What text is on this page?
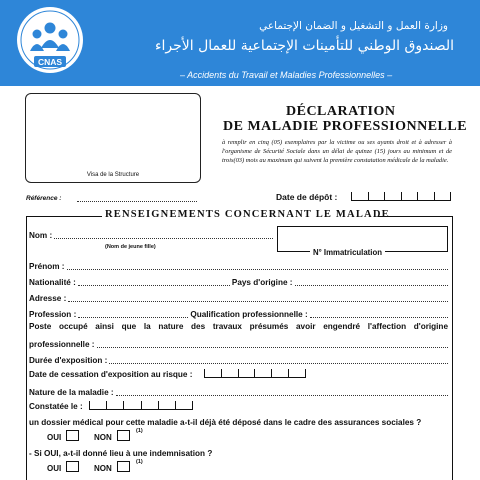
CNAS
وزارة العمل و التشغيل و الضمان الإجتماعي
الصندوق الوطني للتأمينات الإجتماعية للعمال الأجراء
– Accidents du Travail et Maladies Professionnelles –
Visa de la Structure
DÉCLARATION
DE MALADIE PROFESSIONNELLE
à remplir en cinq (05) exemplaires par la victime ou ses ayants droit et à adresser à l'organisme de Sécurité Sociale dans un délai de quinze (15) jours au minimum et de trois(03) mois au maximum qui suivent la première constatation médicale de la maladie.
Référence :	Date de dépôt :
RENSEIGNEMENTS CONCERNANT LE MALADE
Nom :
(Nom de jeune fille)
N° Immatriculation
Prénom :
Nationalité :	Pays d'origine :
Adresse :
Profession :	Qualification professionnelle :
Poste occupé ainsi que la nature des travaux présumés avoir engendré l'affection d'origine
professionnelle :
Durée d'exposition :
Date de cessation d'exposition au risque :
Nature de la maladie :
Constatée le :
un dossier médical pour cette maladie a-t-il déjà été déposé dans le cadre des assurances sociales ?
OUI	NON
(1)
- Si OUI, a-t-il donné lieu à une indemnisation ?
OUI	NON
(1)
